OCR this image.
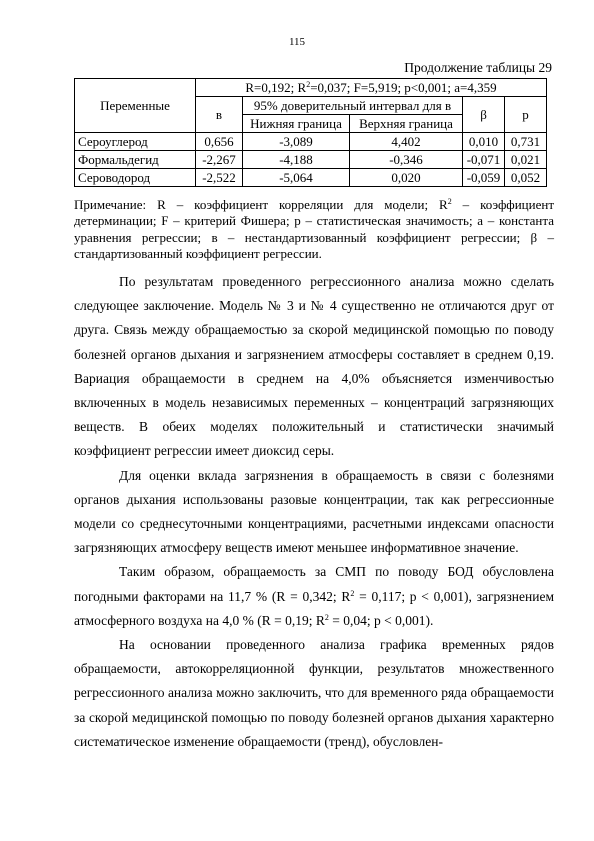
115
Продолжение таблицы 29
Переменные	R=0,192; $R^2=0,037$; F=5,919; p<0,001; a=4,359				
	в	95% доверительный интервал для в		β	р
		Нижняя граница	Верхняя граница		
Сероуглерод	0,656	-3,089	4,402	0,010	0,731
Формальдегид	-2,267	-4,188	-0,346	-0,071	0,021
Сероводород	-2,522	-5,064	0,020	-0,059	0,052
Примечание: R – коэффициент корреляции для модели; $R^2$ – коэффициент детерминации; F – критерий Фишера; р – статистическая значимость; а – константа уравнения регрессии; в – нестандартизованный коэффициент регрессии; β – стандартизованный коэффициент регрессии.

По результатам проведенного регрессионного анализа можно сделать следующее заключение. Модель № 3 и № 4 существенно не отличаются друг от друга. Связь между обращаемостью за скорой медицинской помощью по поводу болезней органов дыхания и загрязнением атмосферы составляет в среднем 0,19. Вариация обращаемости в среднем на 4,0% объясняется изменчивостью включенных в модель независимых переменных – концентраций загрязняющих веществ. В обеих моделях положительный и статистически значимый коэффициент регрессии имеет диоксид серы.

Для оценки вклада загрязнения в обращаемость в связи с болезнями органов дыхания использованы разовые концентрации, так как регрессионные модели со среднесуточными концентрациями, расчетными индексами опасности загрязняющих атмосферу веществ имеют меньшее информативное значение.

Таким образом, обращаемость за СМП по поводу БОД обусловлена погодными факторами на 11,7 % (R = 0,342; $R^2 = 0,117$; р < 0,001), загрязнением атмосферного воздуха на 4,0 % (R = 0,19; $R^2 = 0,04$; р < 0,001).

На основании проведенного анализа графика временных рядов обращаемости, автокорреляционной функции, результатов множественного регрессионного анализа можно заключить, что для временного ряда обращаемости за скорой медицинской помощью по поводу болезней органов дыхания характерно систематическое изменение обращаемости (тренд), обусловлен-
